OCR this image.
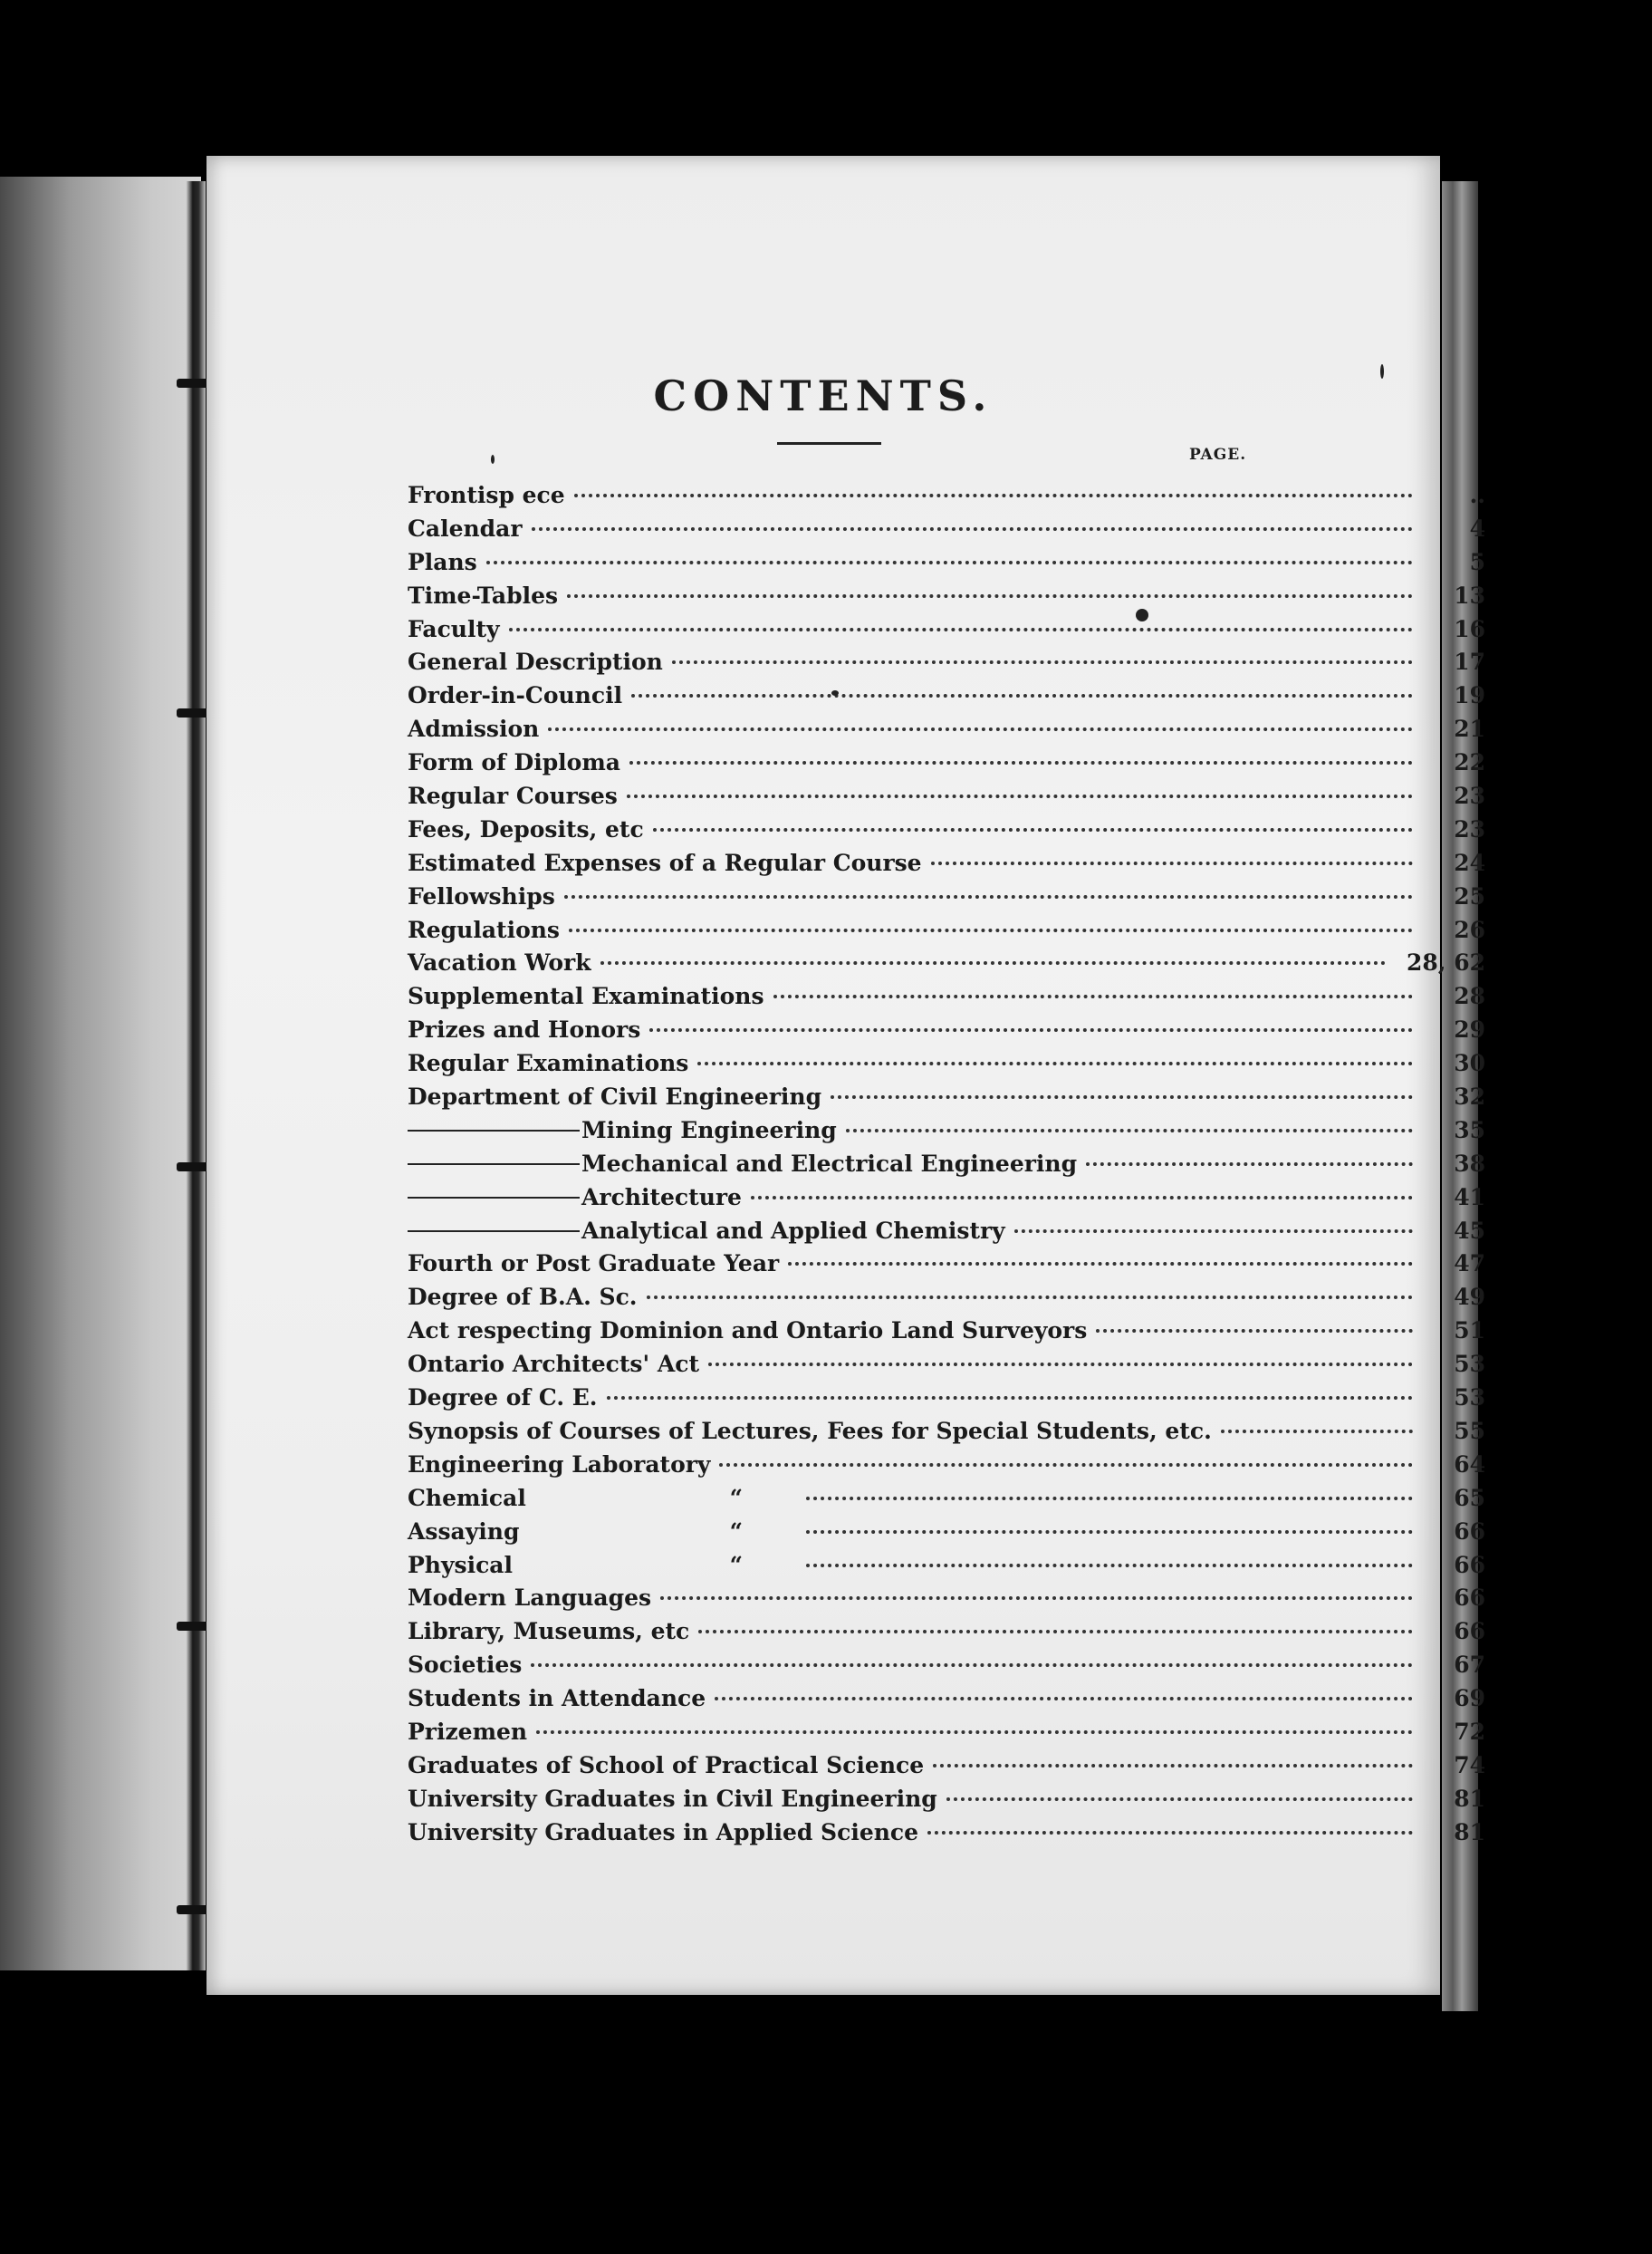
CONTENTS.
PAGE.
Frontisp ece	..
Calendar	4
Plans	5
Time-Tables	13
Faculty	16
General Description	17
Order-in-Council	19
Admission	21
Form of Diploma	22
Regular Courses	23
Fees, Deposits, etc	23
Estimated Expenses of a Regular Course	24
Fellowships	25
Regulations	26
Vacation Work	28, 62
Supplemental Examinations	28
Prizes and Honors	29
Regular Examinations	30
Department of Civil Engineering	32
Mining Engineering	35
Mechanical and Electrical Engineering	38
Architecture	41
Analytical and Applied Chemistry	45
Fourth or Post Graduate Year	47
Degree of B.A. Sc.	49
Act respecting Dominion and Ontario Land Surveyors	51
Ontario Architects' Act	53
Degree of C. E.	53
Synopsis of Courses of Lectures, Fees for Special Students, etc.	55
Engineering Laboratory	64
Chemical	“	65
Assaying	“	66
Physical	“	66
Modern Languages	66
Library, Museums, etc	66
Societies	67
Students in Attendance	69
Prizemen	72
Graduates of School of Practical Science	74
University Graduates in Civil Engineering	81
University Graduates in Applied Science	81
